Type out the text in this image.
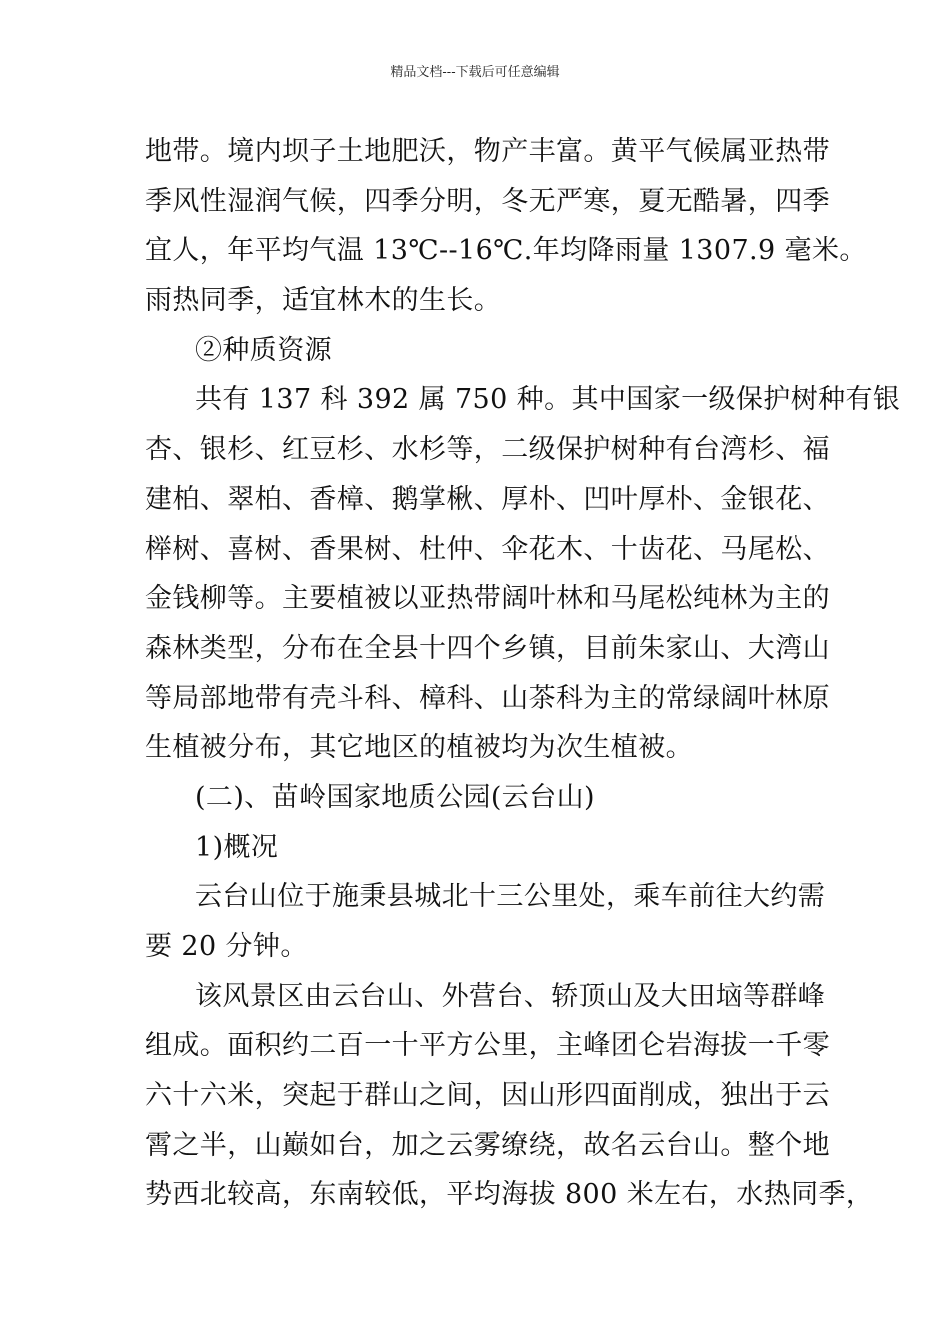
精品文档---下载后可任意编辑
地带。境内坝子土地肥沃，物产丰富。黄平气候属亚热带
季风性湿润气候，四季分明，冬无严寒，夏无酷暑，四季
宜人，年平均气温 13℃--16℃.年均降雨量 1307.9 毫米。
雨热同季，适宜林木的生长。
②种质资源
共有 137 科 392 属 750 种。其中国家一级保护树种有银
杏、银杉、红豆杉、水杉等，二级保护树种有台湾杉、福
建柏、翠柏、香樟、鹅掌楸、厚朴、凹叶厚朴、金银花、
榉树、喜树、香果树、杜仲、伞花木、十齿花、马尾松、
金钱柳等。主要植被以亚热带阔叶林和马尾松纯林为主的
森林类型，分布在全县十四个乡镇，目前朱家山、大湾山
等局部地带有壳斗科、樟科、山茶科为主的常绿阔叶林原
生植被分布，其它地区的植被均为次生植被。
(二)、苗岭国家地质公园(云台山)
1)概况
云台山位于施秉县城北十三公里处，乘车前往大约需
要 20 分钟。
该风景区由云台山、外营台、轿顶山及大田垴等群峰
组成。面积约二百一十平方公里，主峰团仑岩海拔一千零
六十六米，突起于群山之间，因山形四面削成，独出于云
霄之半，山巅如台，加之云雾缭绕，故名云台山。整个地
势西北较高，东南较低，平均海拔 800 米左右，水热同季，
